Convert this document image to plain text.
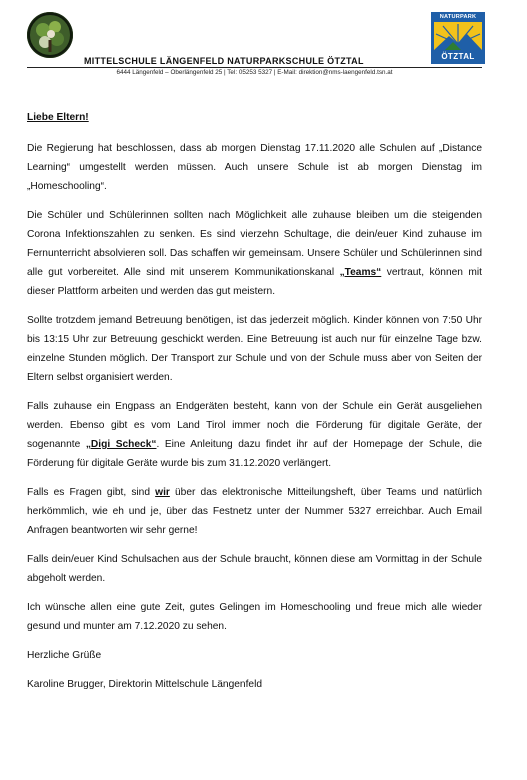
NATURPARK
ÖTZTAL
MITTELSCHULE LÄNGENFELD NATURPARKSCHULE ÖTZTAL
6444 Längenfeld – Oberlängenfeld 25 | Tel: 05253 5327 | E-Mail: direktion@nms-laengenfeld.tsn.at

Liebe Eltern!

Die Regierung hat beschlossen, dass ab morgen Dienstag 17.11.2020 alle Schulen auf „Distance Learning“ umgestellt werden müssen. Auch unsere Schule ist ab morgen Dienstag im „Homeschooling“.

Die Schüler und Schülerinnen sollten nach Möglichkeit alle zuhause bleiben um die steigenden Corona Infektionszahlen zu senken. Es sind vierzehn Schultage, die dein/euer Kind zuhause im Fernunterricht absolvieren soll. Das schaffen wir gemeinsam. Unsere Schüler und Schülerinnen sind alle gut vorbereitet. Alle sind mit unserem Kommunikationskanal „Teams“ vertraut, können mit dieser Plattform arbeiten und werden das gut meistern.

Sollte trotzdem jemand Betreuung benötigen, ist das jederzeit möglich. Kinder können von 7:50 Uhr bis 13:15 Uhr zur Betreuung geschickt werden. Eine Betreuung ist auch nur für einzelne Tage bzw. einzelne Stunden möglich. Der Transport zur Schule und von der Schule muss aber von Seiten der Eltern selbst organisiert werden.

Falls zuhause ein Engpass an Endgeräten besteht, kann von der Schule ein Gerät ausgeliehen werden. Ebenso gibt es vom Land Tirol immer noch die Förderung für digitale Geräte, der sogenannte „Digi Scheck“. Eine Anleitung dazu findet ihr auf der Homepage der Schule, die Förderung für digitale Geräte wurde bis zum 31.12.2020 verlängert.

Falls es Fragen gibt, sind wir über das elektronische Mitteilungsheft, über Teams und natürlich herkömmlich, wie eh und je, über das Festnetz unter der Nummer 5327 erreichbar. Auch Email Anfragen beantworten wir sehr gerne!

Falls dein/euer Kind Schulsachen aus der Schule braucht, können diese am Vormittag in der Schule abgeholt werden.

Ich wünsche allen eine gute Zeit, gutes Gelingen im Homeschooling und freue mich alle wieder gesund und munter am 7.12.2020 zu sehen.

Herzliche Grüße

Karoline Brugger, Direktorin Mittelschule Längenfeld
